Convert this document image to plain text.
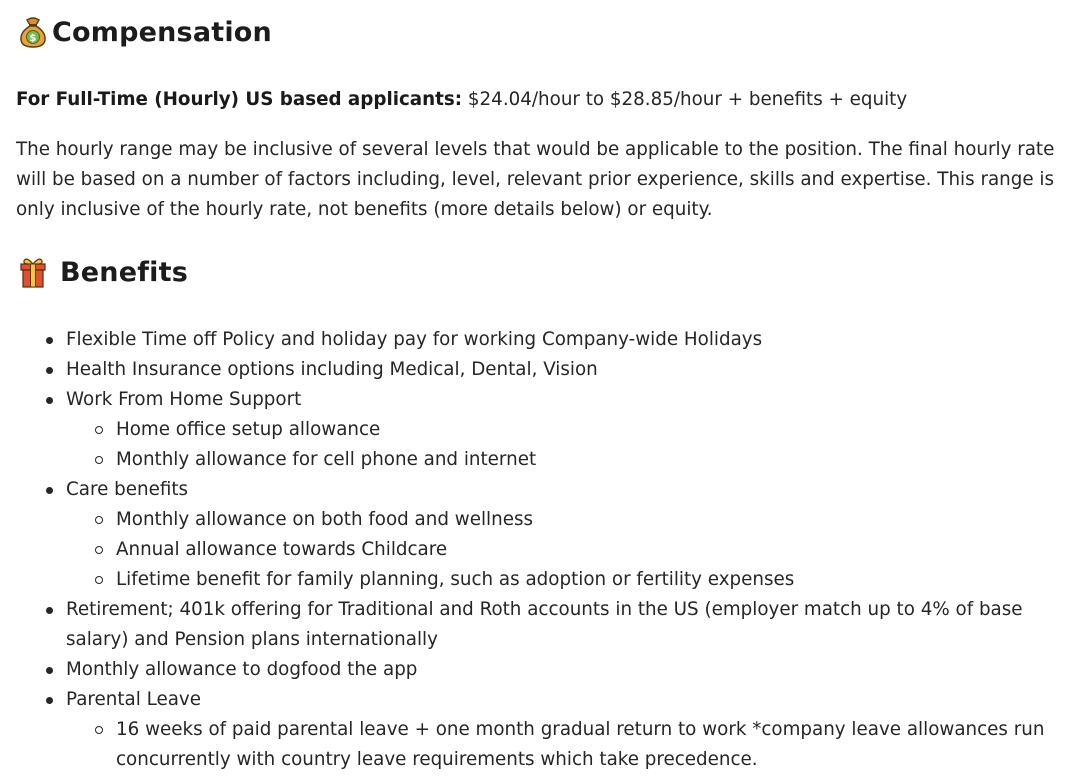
$ Compensation

For Full-Time (Hourly) US based applicants: $24.04/hour to $28.85/hour + benefits + equity

The hourly range may be inclusive of several levels that would be applicable to the position. The final hourly rate will be based on a number of factors including, level, relevant prior experience, skills and expertise. This range is only inclusive of the hourly rate, not benefits (more details below) or equity.

Benefits
Flexible Time off Policy and holiday pay for working Company-wide Holidays
Health Insurance options including Medical, Dental, Vision
Work From Home Support
Home office setup allowance
Monthly allowance for cell phone and internet
Care benefits
Monthly allowance on both food and wellness
Annual allowance towards Childcare
Lifetime benefit for family planning, such as adoption or fertility expenses
Retirement; 401k offering for Traditional and Roth accounts in the US (employer match up to 4% of base salary) and Pension plans internationally
Monthly allowance to dogfood the app
Parental Leave
16 weeks of paid parental leave + one month gradual return to work *company leave allowances run concurrently with country leave requirements which take precedence.
